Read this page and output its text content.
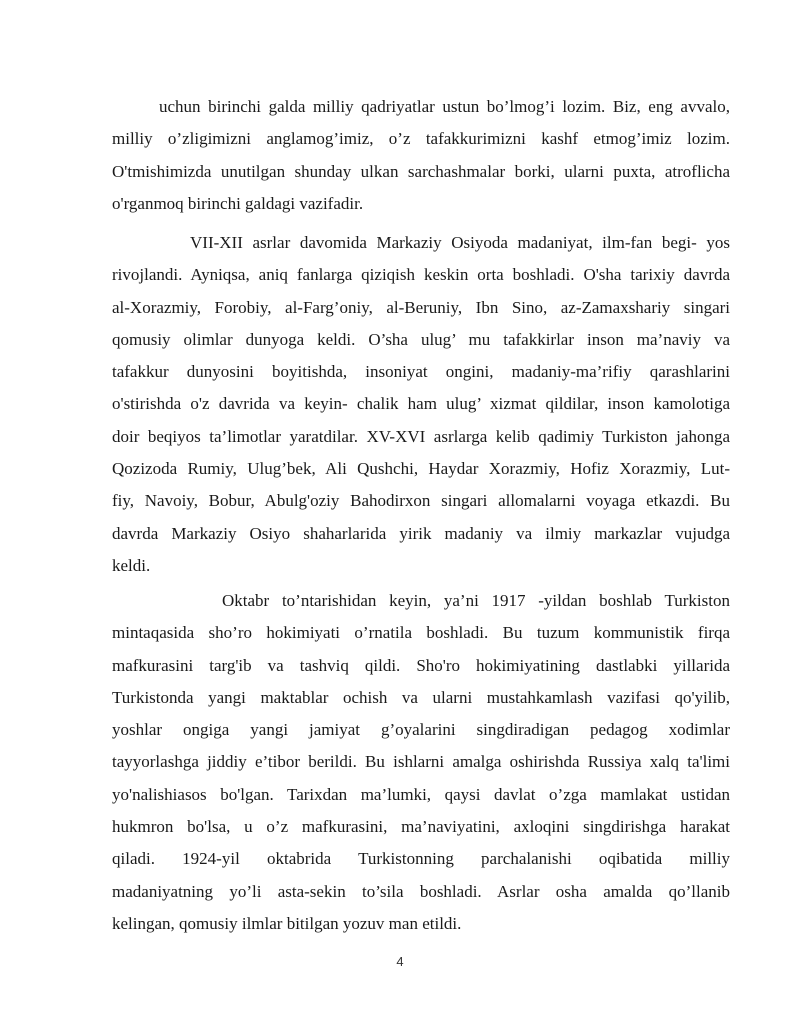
uchun birinchi galda milliy qadriyatlar ustun bo’lmog’i lozim. Biz, eng avvalo,
milliy o’zligimizni anglamog’imiz, o’z tafakkurimizni kashf etmog’imiz lozim.
O'tmishimizda unutilgan shunday ulkan sarchashmalar borki, ularni puxta, atroflicha
o'rganmoq birinchi galdagi vazifadir.
VII-XII asrlar davomida Markaziy Osiyoda madaniyat, ilm-fan begi- yos
rivojlandi. Ayniqsa, aniq fanlarga qiziqish keskin orta boshladi. O'sha tarixiy davrda
al-Xorazmiy, Forobiy, al-Farg’oniy, al-Beruniy, Ibn Sino, az-Zamaxshariy singari
qomusiy olimlar dunyoga keldi. O’sha ulug’ mu tafakkirlar inson ma’naviy va
tafakkur dunyosini boyitishda, insoniyat ongini, madaniy-ma’rifiy qarashlarini
o'stirishda o'z davrida va keyin- chalik ham ulug’ xizmat qildilar, inson kamolotiga
doir beqiyos ta’limotlar yaratdilar. XV-XVI asrlarga kelib qadimiy Turkiston jahonga
Qozizoda Rumiy, Ulug’bek, Ali Qushchi, Haydar Xorazmiy, Hofiz Xorazmiy, Lut-
fiy, Navoiy, Bobur, Abulg'oziy Bahodirxon singari allomalarni voyaga etkazdi. Bu
davrda Markaziy Osiyo shaharlarida yirik madaniy va ilmiy markazlar vujudga
keldi.
Oktabr to’ntarishidan keyin, ya’ni 1917 -yildan boshlab Turkiston
mintaqasida sho’ro hokimiyati o’rnatila boshladi. Bu tuzum kommunistik firqa
mafkurasini targ'ib va tashviq qildi. Sho'ro hokimiyatining dastlabki yillarida
Turkistonda yangi maktablar ochish va ularni mustahkamlash vazifasi qo'yilib,
yoshlar ongiga yangi jamiyat g’oyalarini singdiradigan pedagog xodimlar
tayyorlashga jiddiy e’tibor berildi. Bu ishlarni amalga oshirishda Russiya xalq ta'limi
yo'nalishiasos bo'lgan. Tarixdan ma’lumki, qaysi davlat o’zga mamlakat ustidan
hukmron bo'lsa, u o’z mafkurasini, ma’naviyatini, axloqini singdirishga harakat
qiladi. 1924-yil oktabrida Turkistonning parchalanishi oqibatida milliy
madaniyatning yo’li asta-sekin to’sila boshladi. Asrlar osha amalda qo’llanib
kelingan, qomusiy ilmlar bitilgan yozuv man etildi.
4
